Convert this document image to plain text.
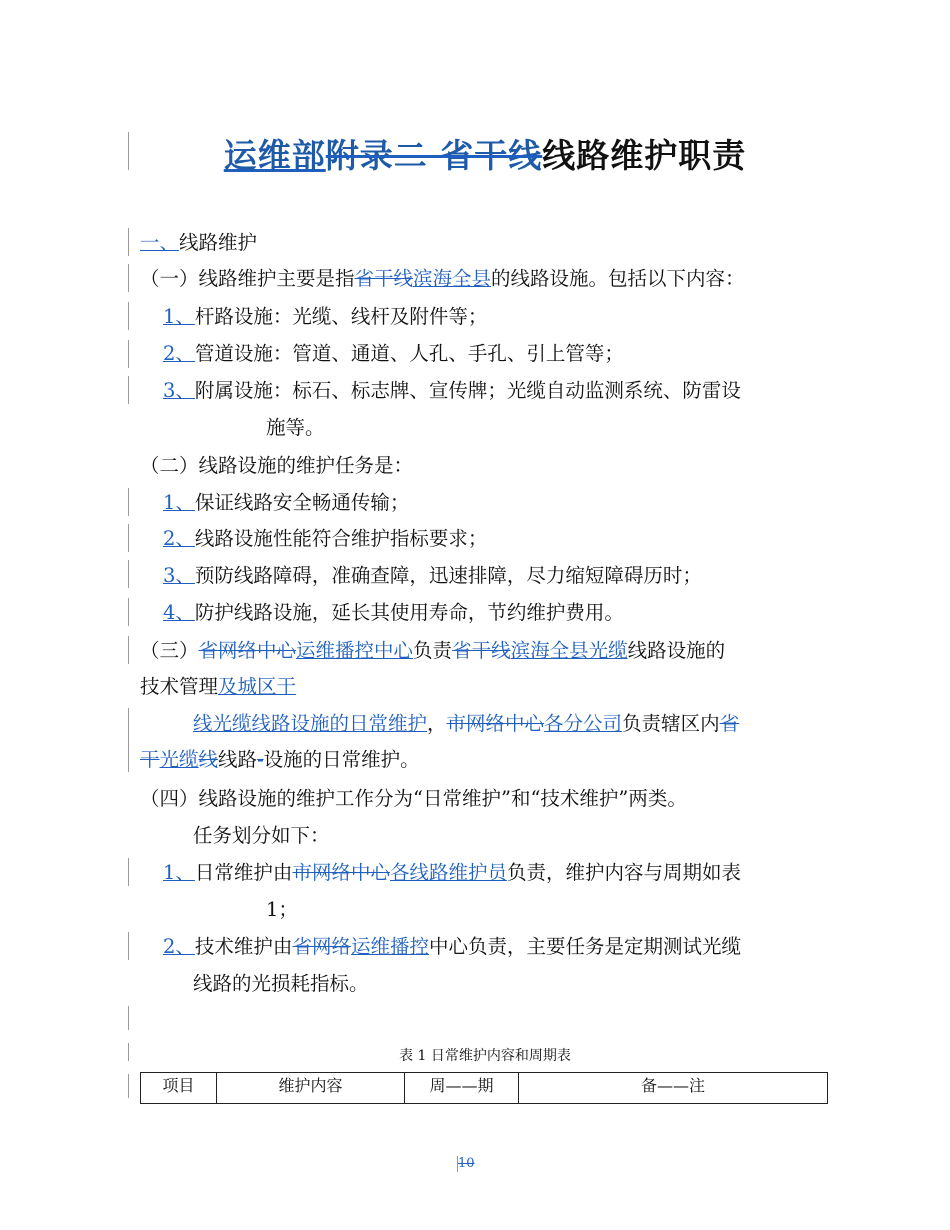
运维部附录二 省干线线路维护职责
一、线路维护
（一）线路维护主要是指省干线滨海全县的线路设施。包括以下内容：
1、杆路设施：光缆、线杆及附件等；
2、管道设施：管道、通道、人孔、手孔、引上管等；
3、附属设施：标石、标志牌、宣传牌；光缆自动监测系统、防雷设
施等。
（二）线路设施的维护任务是：
1、保证线路安全畅通传输；
2、线路设施性能符合维护指标要求；
3、预防线路障碍，准确查障，迅速排障，尽力缩短障碍历时；
4、防护线路设施，延长其使用寿命，节约维护费用。
（三）省网络中心运维播控中心负责省干线滨海全县光缆线路设施的
技术管理及城区干
线光缆线路设施的日常维护，市网络中心各分公司负责辖区内省
干光缆线线路-设施的日常维护。
（四）线路设施的维护工作分为“日常维护”和“技术维护”两类。
任务划分如下：
1、日常维护由市网络中心各线路维护员负责，维护内容与周期如表
1；
2、技术维护由省网络运维播控中心负责，主要任务是定期测试光缆
线路的光损耗指标。
表 1 日常维护内容和周期表
项目	维护内容	周——期	备——注
10
